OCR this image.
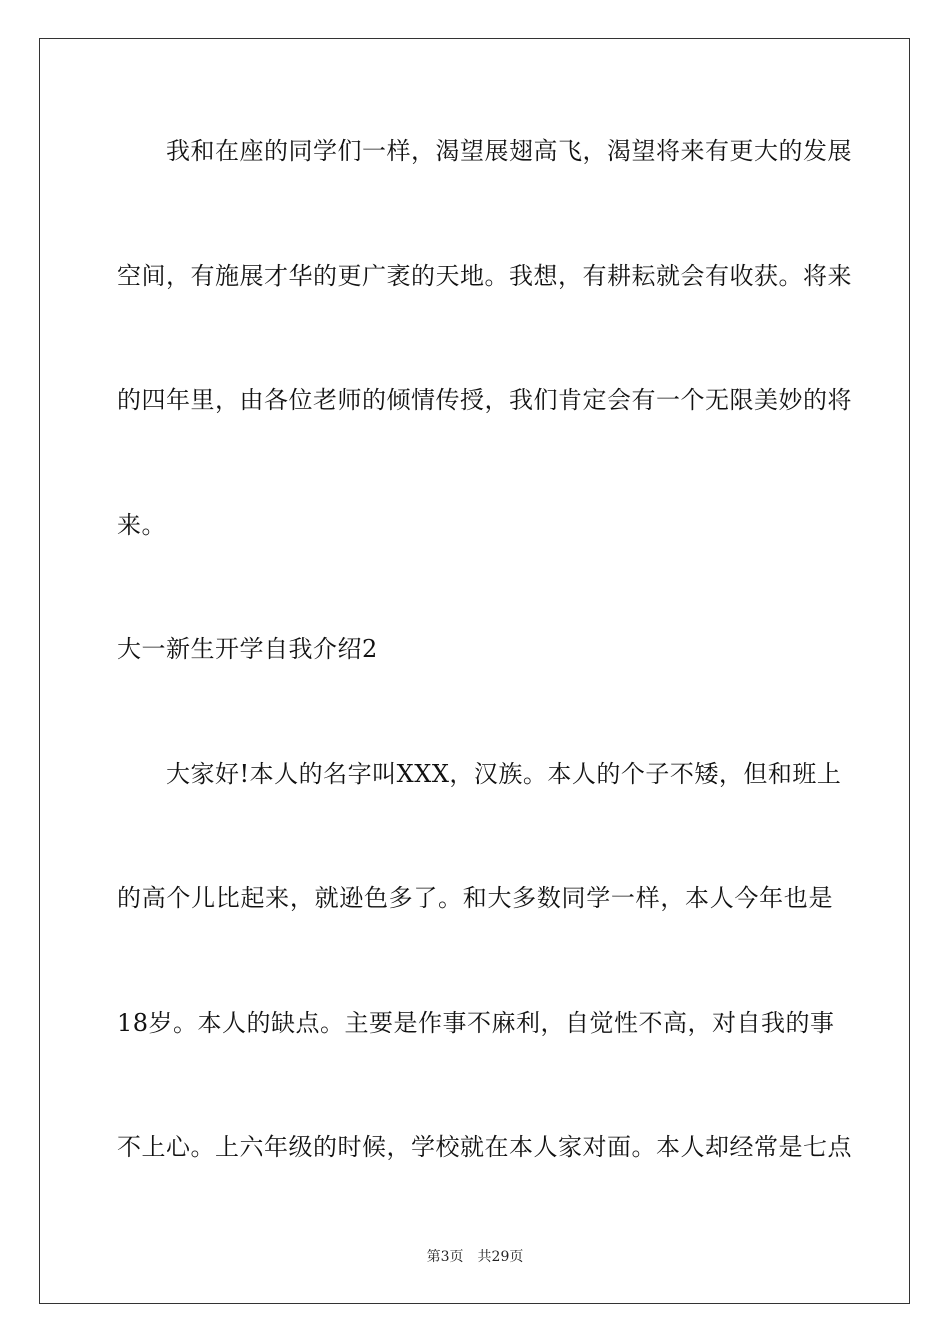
　　我和在座的同学们一样，渴望展翅高飞，渴望将来有更大的发展
空间，有施展才华的更广袤的天地。我想，有耕耘就会有收获。将来
的四年里，由各位老师的倾情传授，我们肯定会有一个无限美妙的将
来。
大一新生开学自我介绍2
　　大家好!本人的名字叫XXX，汉族。本人的个子不矮，但和班上
的高个儿比起来，就逊色多了。和大多数同学一样，本人今年也是
18岁。本人的缺点。主要是作事不麻利，自觉性不高，对自我的事
不上心。上六年级的时候，学校就在本人家对面。本人却经常是七点
第3页　共29页
